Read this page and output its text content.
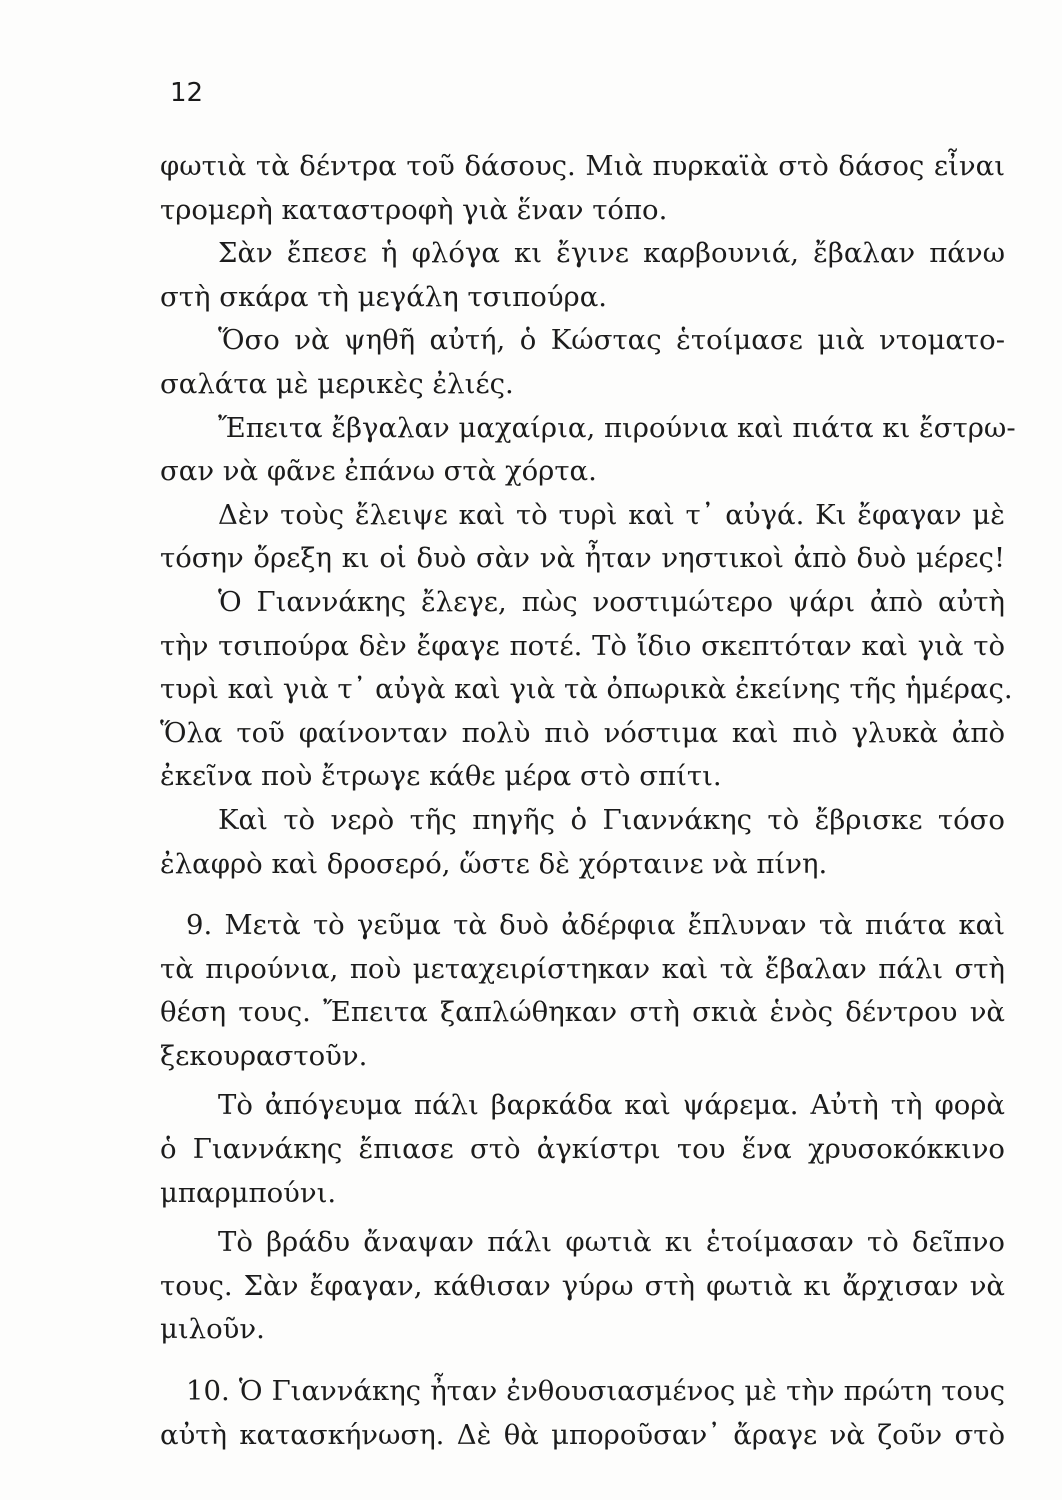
12
φωτιὰ τὰ δέντρα τοῦ δάσους. Μιὰ πυρκαϊὰ στὸ δάσος εἶναι
τρομερὴ καταστροφὴ γιὰ ἕναν τόπο.
Σὰν ἔπεσε ἡ φλόγα κι ἔγινε καρβουνιά, ἔβαλαν πάνω
στὴ σκάρα τὴ μεγάλη τσιπούρα.
Ὅσο νὰ ψηθῆ αὐτή, ὁ Κώστας ἑτοίμασε μιὰ ντοματο-
σαλάτα μὲ μερικὲς ἐλιές.
Ἔπειτα ἔβγαλαν μαχαίρια, πιρούνια καὶ πιάτα κι ἔστρω-
σαν νὰ φᾶνε ἐπάνω στὰ χόρτα.
Δὲν τοὺς ἔλειψε καὶ τὸ τυρὶ καὶ τ᾽ αὐγά. Κι ἔφαγαν μὲ
τόσην ὄρεξη κι οἱ δυὸ σὰν νὰ ἦταν νηστικοὶ ἀπὸ δυὸ μέρες!
Ὁ Γιαννάκης ἔλεγε, πὼς νοστιμώτερο ψάρι ἀπὸ αὐτὴ
τὴν τσιπούρα δὲν ἔφαγε ποτέ. Τὸ ἴδιο σκεπτόταν καὶ γιὰ τὸ
τυρὶ καὶ γιὰ τ᾽ αὐγὰ καὶ γιὰ τὰ ὀπωρικὰ ἐκείνης τῆς ἡμέρας.
Ὅλα τοῦ φαίνονταν πολὺ πιὸ νόστιμα καὶ πιὸ γλυκὰ ἀπὸ
ἐκεῖνα ποὺ ἔτρωγε κάθε μέρα στὸ σπίτι.
Καὶ τὸ νερὸ τῆς πηγῆς ὁ Γιαννάκης τὸ ἔβρισκε τόσο
ἐλαφρὸ καὶ δροσερό, ὥστε δὲ χόρταινε νὰ πίνη.
9. Μετὰ τὸ γεῦμα τὰ δυὸ ἀδέρφια ἔπλυναν τὰ πιάτα καὶ
τὰ πιρούνια, ποὺ μεταχειρίστηκαν καὶ τὰ ἔβαλαν πάλι στὴ
θέση τους. Ἔπειτα ξαπλώθηκαν στὴ σκιὰ ἑνὸς δέντρου νὰ
ξεκουραστοῦν.
Τὸ ἀπόγευμα πάλι βαρκάδα καὶ ψάρεμα. Αὐτὴ τὴ φορὰ
ὁ Γιαννάκης ἔπιασε στὸ ἀγκίστρι του ἕνα χρυσοκόκκινο
μπαρμπούνι.
Τὸ βράδυ ἄναψαν πάλι φωτιὰ κι ἑτοίμασαν τὸ δεῖπνο
τους. Σὰν ἔφαγαν, κάθισαν γύρω στὴ φωτιὰ κι ἄρχισαν νὰ
μιλοῦν.
10. Ὁ Γιαννάκης ἦταν ἐνθουσιασμένος μὲ τὴν πρώτη τους
αὐτὴ κατασκήνωση. Δὲ θὰ μποροῦσαν᾽ ἄραγε νὰ ζοῦν στὸ
